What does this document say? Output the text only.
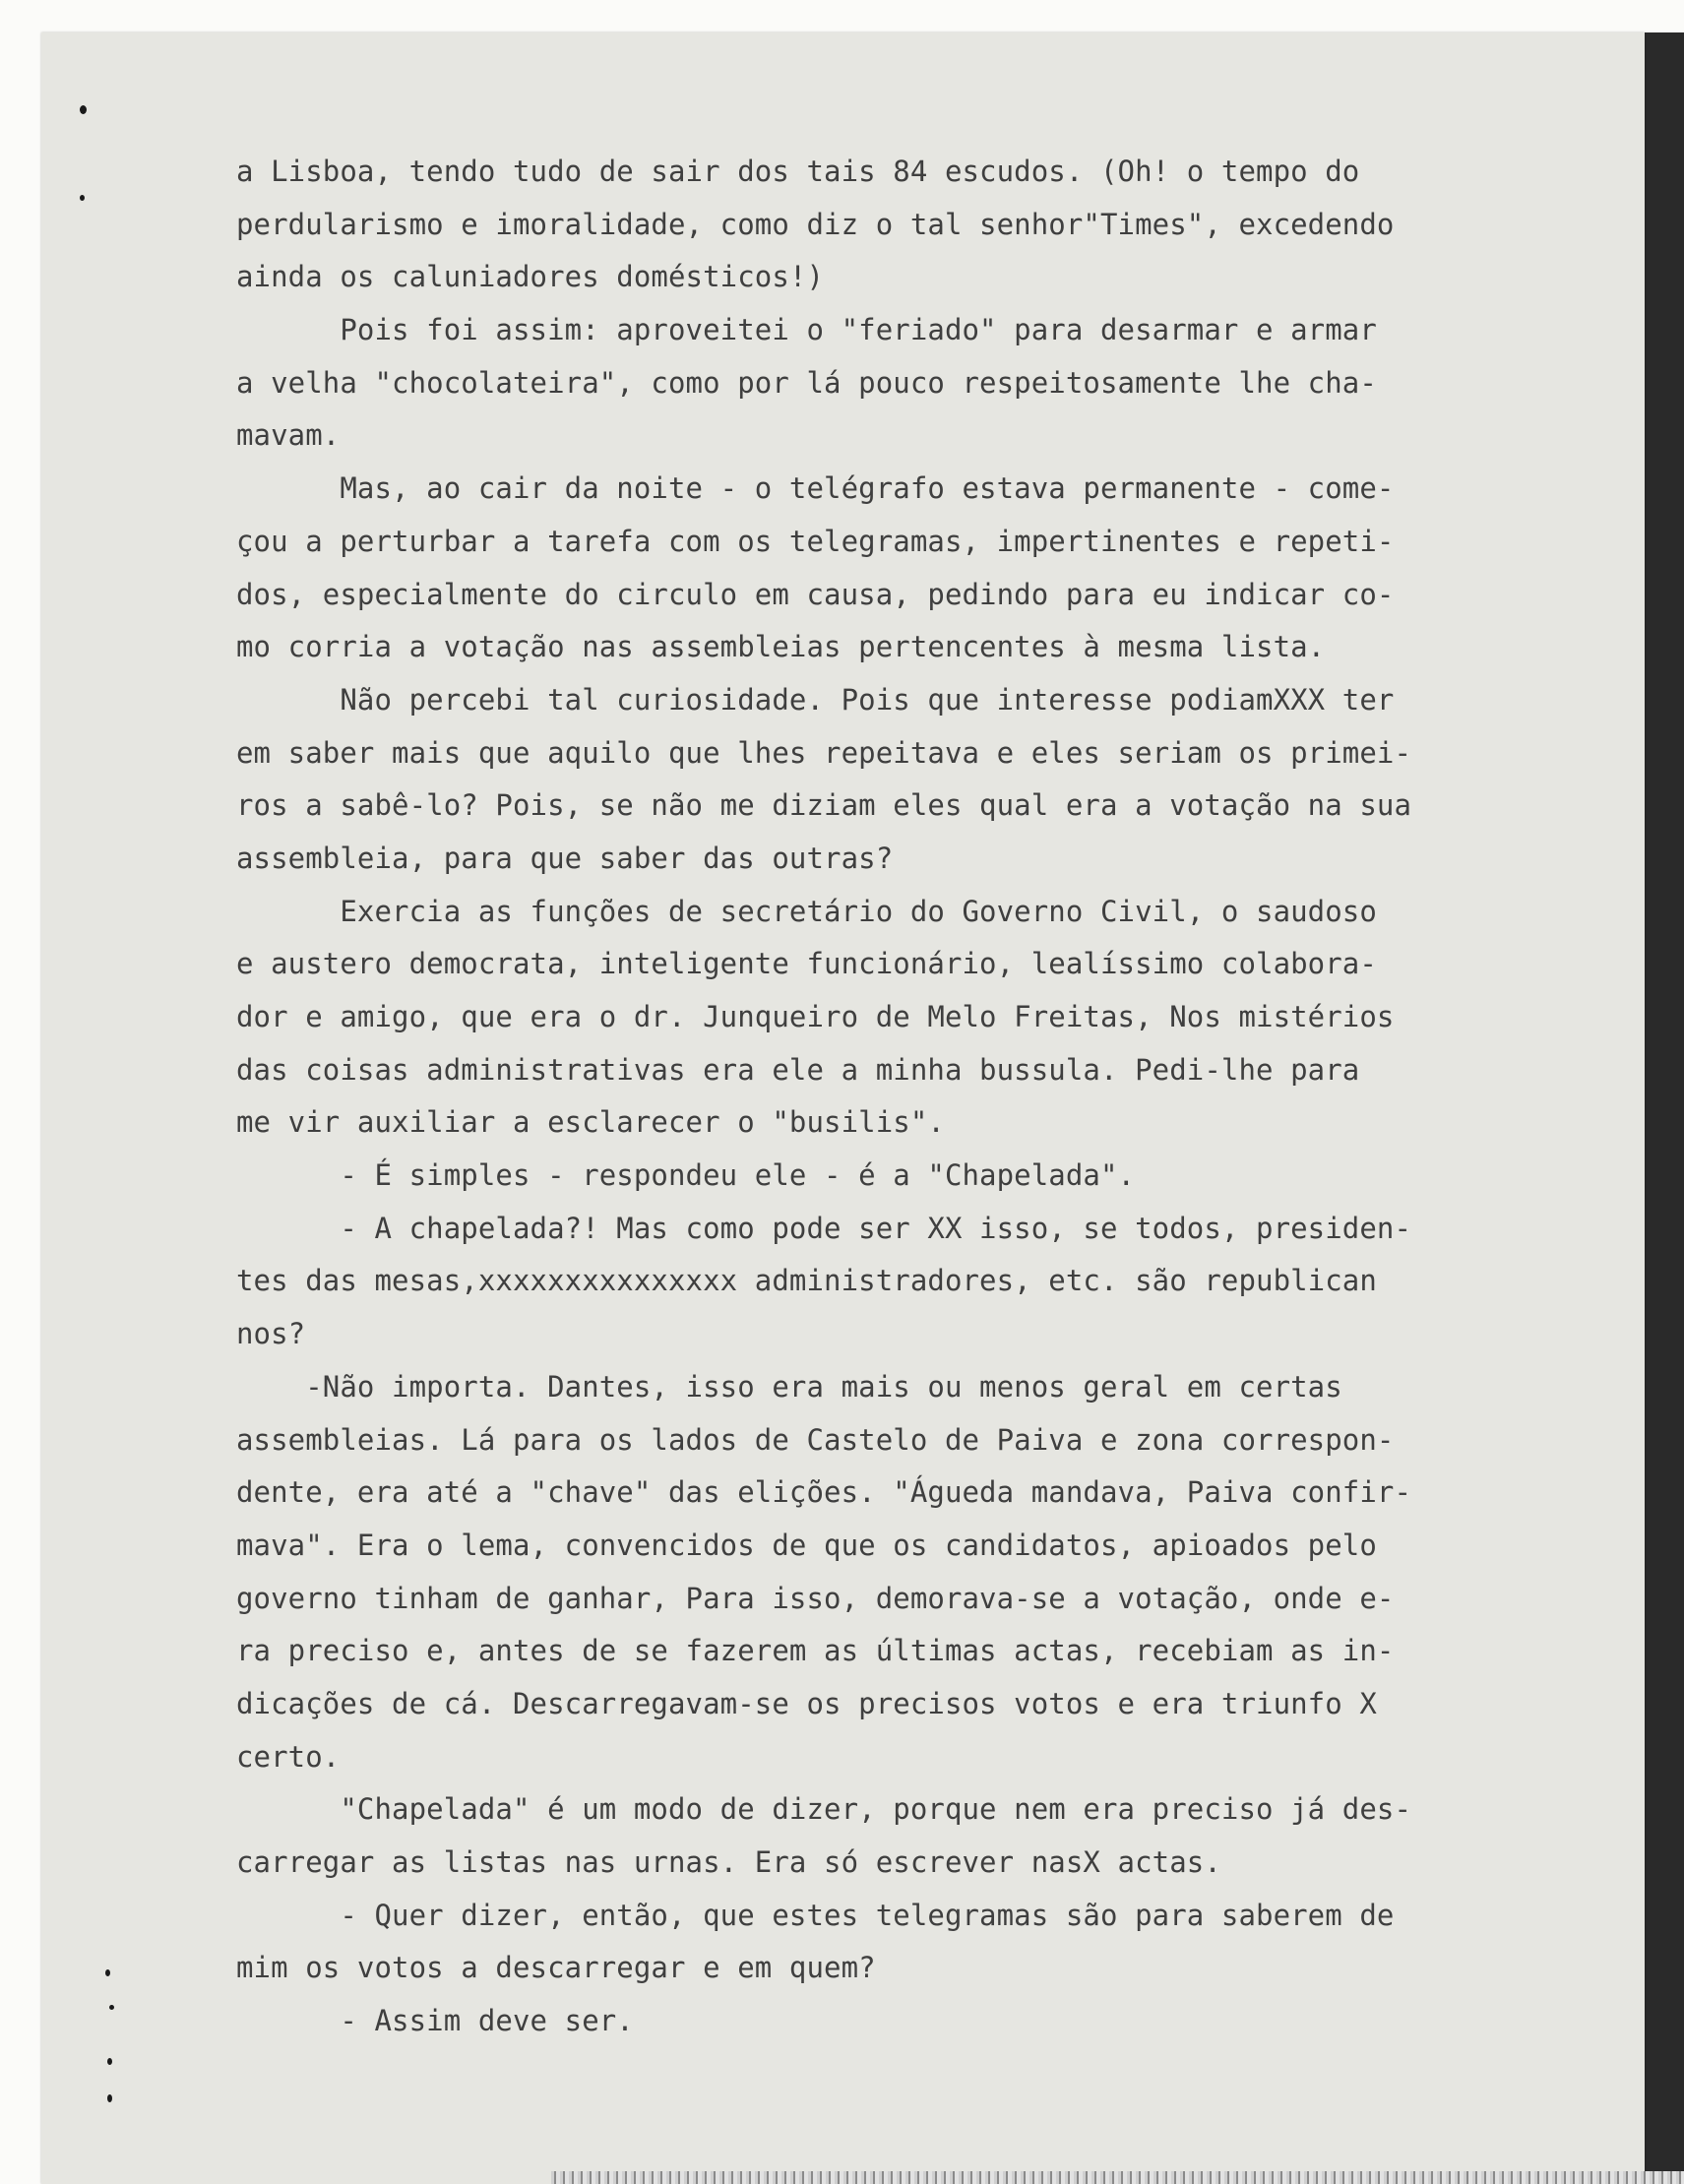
a Lisboa, tendo tudo de sair dos tais 84 escudos. (Oh! o tempo do
perdularismo e imoralidade, como diz o tal senhor"Times", excedendo
ainda os caluniadores domésticos!)
Pois foi assim: aproveitei o "feriado" para desarmar e armar
a velha "chocolateira", como por lá pouco respeitosamente lhe cha-
mavam.
Mas, ao cair da noite - o telégrafo estava permanente - come-
çou a perturbar a tarefa com os telegramas, impertinentes e repeti-
dos, especialmente do circulo em causa, pedindo para eu indicar co-
mo corria a votação nas assembleias pertencentes à mesma lista.
Não percebi tal curiosidade. Pois que interesse podiamXXX ter
em saber mais que aquilo que lhes repeitava e eles seriam os primei-
ros a sabê-lo? Pois, se não me diziam eles qual era a votação na sua
assembleia, para que saber das outras?
Exercia as funções de secretário do Governo Civil, o saudoso
e austero democrata, inteligente funcionário, lealíssimo colabora-
dor e amigo, que era o dr. Junqueiro de Melo Freitas, Nos mistérios
das coisas administrativas era ele a minha bussula. Pedi-lhe para
me vir auxiliar a esclarecer o "busilis".
- É simples - respondeu ele - é a "Chapelada".
- A chapelada?! Mas como pode ser XX isso, se todos, presiden-
tes das mesas,xxxxxxxxxxxxxxx administradores, etc. são republican
nos?
-Não importa. Dantes, isso era mais ou menos geral em certas
assembleias. Lá para os lados de Castelo de Paiva e zona correspon-
dente, era até a "chave" das elições. "Águeda mandava, Paiva confir-
mava". Era o lema, convencidos de que os candidatos, apioados pelo
governo tinham de ganhar, Para isso, demorava-se a votação, onde e-
ra preciso e, antes de se fazerem as últimas actas, recebiam as in-
dicações de cá. Descarregavam-se os precisos votos e era triunfo X
certo.
"Chapelada" é um modo de dizer, porque nem era preciso já des-
carregar as listas nas urnas. Era só escrever nasX actas.
- Quer dizer, então, que estes telegramas são para saberem de
mim os votos a descarregar e em quem?
- Assim deve ser.
